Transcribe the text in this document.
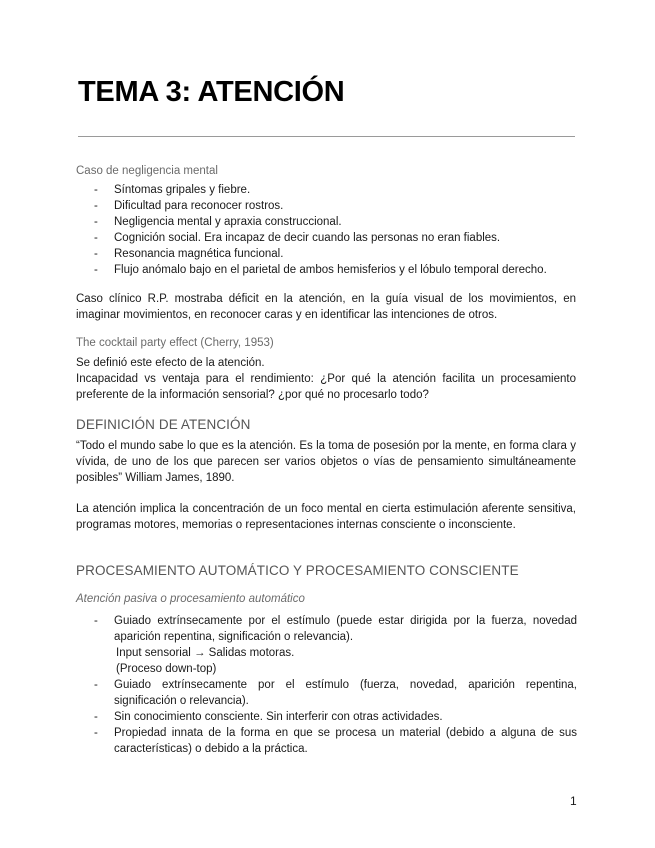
TEMA 3: ATENCIÓN
Caso de negligencia mental
- Síntomas gripales y fiebre.
- Dificultad para reconocer rostros.
- Negligencia mental y apraxia construccional.
- Cognición social. Era incapaz de decir cuando las personas no eran fiables.
- Resonancia magnética funcional.
- Flujo anómalo bajo en el parietal de ambos hemisferios y el lóbulo temporal derecho.
Caso clínico R.P. mostraba déficit en la atención, en la guía visual de los movimientos, en imaginar movimientos, en reconocer caras y en identificar las intenciones de otros.
The cocktail party effect (Cherry, 1953)
Se definió este efecto de la atención.
Incapacidad vs ventaja para el rendimiento: ¿Por qué la atención facilita un procesamiento preferente de la información sensorial? ¿por qué no procesarlo todo?
DEFINICIÓN DE ATENCIÓN
“Todo el mundo sabe lo que es la atención. Es la toma de posesión por la mente, en forma clara y vívida, de uno de los que parecen ser varios objetos o vías de pensamiento simultáneamente posibles” William James, 1890.
La atención implica la concentración de un foco mental en cierta estimulación aferente sensitiva, programas motores, memorias o representaciones internas consciente o inconsciente.
PROCESAMIENTO AUTOMÁTICO Y PROCESAMIENTO CONSCIENTE
Atención pasiva o procesamiento automático
- Guiado extrínsecamente por el estímulo (puede estar dirigida por la fuerza, novedad aparición repentina, significación o relevancia).
Input sensorial → Salidas motoras.
(Proceso down-top)
- Guiado extrínsecamente por el estímulo (fuerza, novedad, aparición repentina, significación o relevancia).
- Sin conocimiento consciente. Sin interferir con otras actividades.
- Propiedad innata de la forma en que se procesa un material (debido a alguna de sus características) o debido a la práctica.
1
